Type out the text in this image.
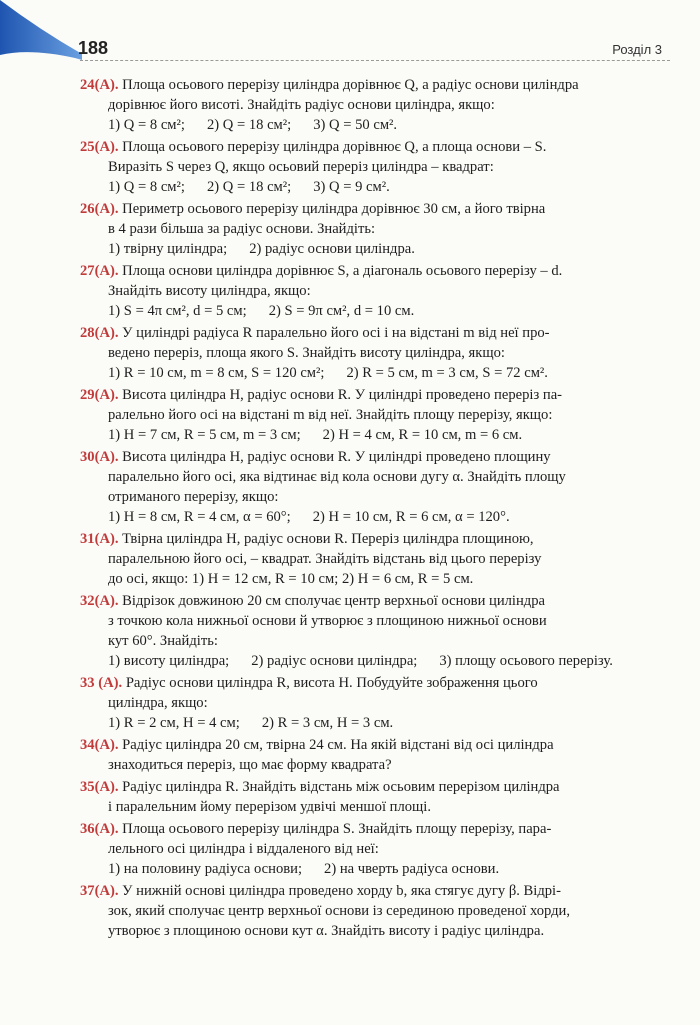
188	Розділ 3

24(А). Площа осьового перерізу циліндра дорівнює Q, а радіус основи циліндра

дорівнює його висоті. Знайдіть радіус основи циліндра, якщо:

1) Q = 8 см²; 2) Q = 18 см²; 3) Q = 50 см².

25(А). Площа осьового перерізу циліндра дорівнює Q, а площа основи – S.

Виразіть S через Q, якщо осьовий переріз циліндра – квадрат:

1) Q = 8 см²; 2) Q = 18 см²; 3) Q = 9 см².

26(А). Периметр осьового перерізу циліндра дорівнює 30 см, а його твірна

в 4 рази більша за радіус основи. Знайдіть:

1) твірну циліндра; 2) радіус основи циліндра.

27(А). Площа основи циліндра дорівнює S, а діагональ осьового перерізу – d.

Знайдіть висоту циліндра, якщо:

1) S = 4π см², d = 5 см; 2) S = 9π см², d = 10 см.

28(А). У циліндрі радіуса R паралельно його осі і на відстані m від неї про-

ведено переріз, площа якого S. Знайдіть висоту циліндра, якщо:

1) R = 10 см, m = 8 см, S = 120 см²; 2) R = 5 см, m = 3 см, S = 72 см².

29(А). Висота циліндра H, радіус основи R. У циліндрі проведено переріз па-

ралельно його осі на відстані m від неї. Знайдіть площу перерізу, якщо:

1) H = 7 см, R = 5 см, m = 3 см; 2) H = 4 см, R = 10 см, m = 6 см.

30(А). Висота циліндра H, радіус основи R. У циліндрі проведено площину

паралельно його осі, яка відтинає від кола основи дугу α. Знайдіть площу

отриманого перерізу, якщо:

1) H = 8 см, R = 4 см, α = 60°; 2) H = 10 см, R = 6 см, α = 120°.

31(А). Твірна циліндра H, радіус основи R. Переріз циліндра площиною,

паралельною його осі, – квадрат. Знайдіть відстань від цього перерізу

до осі, якщо: 1) H = 12 см, R = 10 см; 2) H = 6 см, R = 5 см.

32(А). Відрізок довжиною 20 см сполучає центр верхньої основи циліндра

з точкою кола нижньої основи й утворює з площиною нижньої основи

кут 60°. Знайдіть:

1) висоту циліндра; 2) радіус основи циліндра; 3) площу осьового перерізу.

33 (А). Радіус основи циліндра R, висота H. Побудуйте зображення цього

циліндра, якщо:

1) R = 2 см, H = 4 см; 2) R = 3 см, H = 3 см.

34(А). Радіус циліндра 20 см, твірна 24 см. На якій відстані від осі циліндра

знаходиться переріз, що має форму квадрата?

35(А). Радіус циліндра R. Знайдіть відстань між осьовим перерізом циліндра

і паралельним йому перерізом удвічі меншої площі.

36(А). Площа осьового перерізу циліндра S. Знайдіть площу перерізу, пара-

лельного осі циліндра і віддаленого від неї:

1) на половину радіуса основи; 2) на чверть радіуса основи.

37(А). У нижній основі циліндра проведено хорду b, яка стягує дугу β. Відрі-

зок, який сполучає центр верхньої основи із серединою проведеної хорди,

утворює з площиною основи кут α. Знайдіть висоту і радіус циліндра.
